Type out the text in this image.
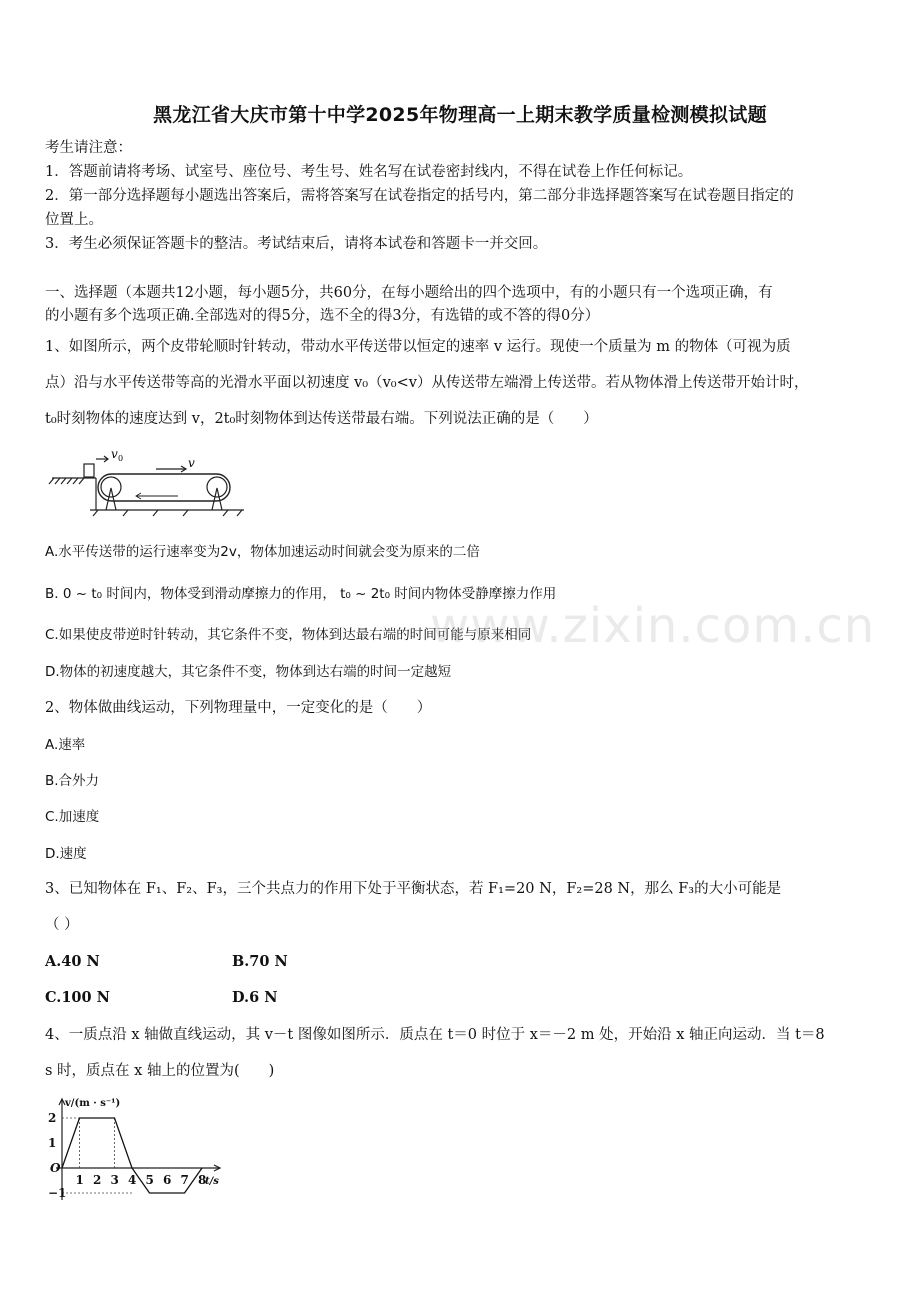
黑龙江省大庆市第十中学2025年物理高一上期末教学质量检测模拟试题
考生请注意：
1．答题前请将考场、试室号、座位号、考生号、姓名写在试卷密封线内，不得在试卷上作任何标记。
2．第一部分选择题每小题选出答案后，需将答案写在试卷指定的括号内，第二部分非选择题答案写在试卷题目指定的
位置上。
3．考生必须保证答题卡的整洁。考试结束后，请将本试卷和答题卡一并交回。
一、选择题（本题共12小题，每小题5分，共60分，在每小题给出的四个选项中，有的小题只有一个选项正确，有
的小题有多个选项正确.全部选对的得5分，选不全的得3分，有选错的或不答的得0分）
1、如图所示，两个皮带轮顺时针转动，带动水平传送带以恒定的速率 v 运行。现使一个质量为 m 的物体（可视为质
点）沿与水平传送带等高的光滑水平面以初速度 v₀（v₀<v）从传送带左端滑上传送带。若从物体滑上传送带开始计时，
t₀时刻物体的速度达到 v，2t₀时刻物体到达传送带最右端。下列说法正确的是（　　）
v 0	v
A.水平传送带的运行速率变为2v，物体加速运动时间就会变为原来的二倍
B. 0 ~ t₀ 时间内，物体受到滑动摩擦力的作用， t₀ ~ 2t₀ 时间内物体受静摩擦力作用
C.如果使皮带逆时针转动，其它条件不变，物体到达最右端的时间可能与原来相同
D.物体的初速度越大，其它条件不变，物体到达右端的时间一定越短
2、物体做曲线运动，下列物理量中，一定变化的是（　　）
A.速率
B.合外力
C.加速度
D.速度
3、已知物体在 F₁、F₂、F₃，三个共点力的作用下处于平衡状态，若 F₁=20 N，F₂=28 N，那么 F₃的大小可能是
（ ）
A.40 N	B.70 N
C.100 N	D.6 N
4、一质点沿 x 轴做直线运动，其 v－t 图像如图所示．质点在 t＝0 时位于 x＝－2 m 处，开始沿 x 轴正向运动．当 t＝8
s 时，质点在 x 轴上的位置为(　　)
1 2 3 4 5 6 7 8
2
1
O
−1
v/(m · s⁻¹)
t/s
www.zixin.com.cn
